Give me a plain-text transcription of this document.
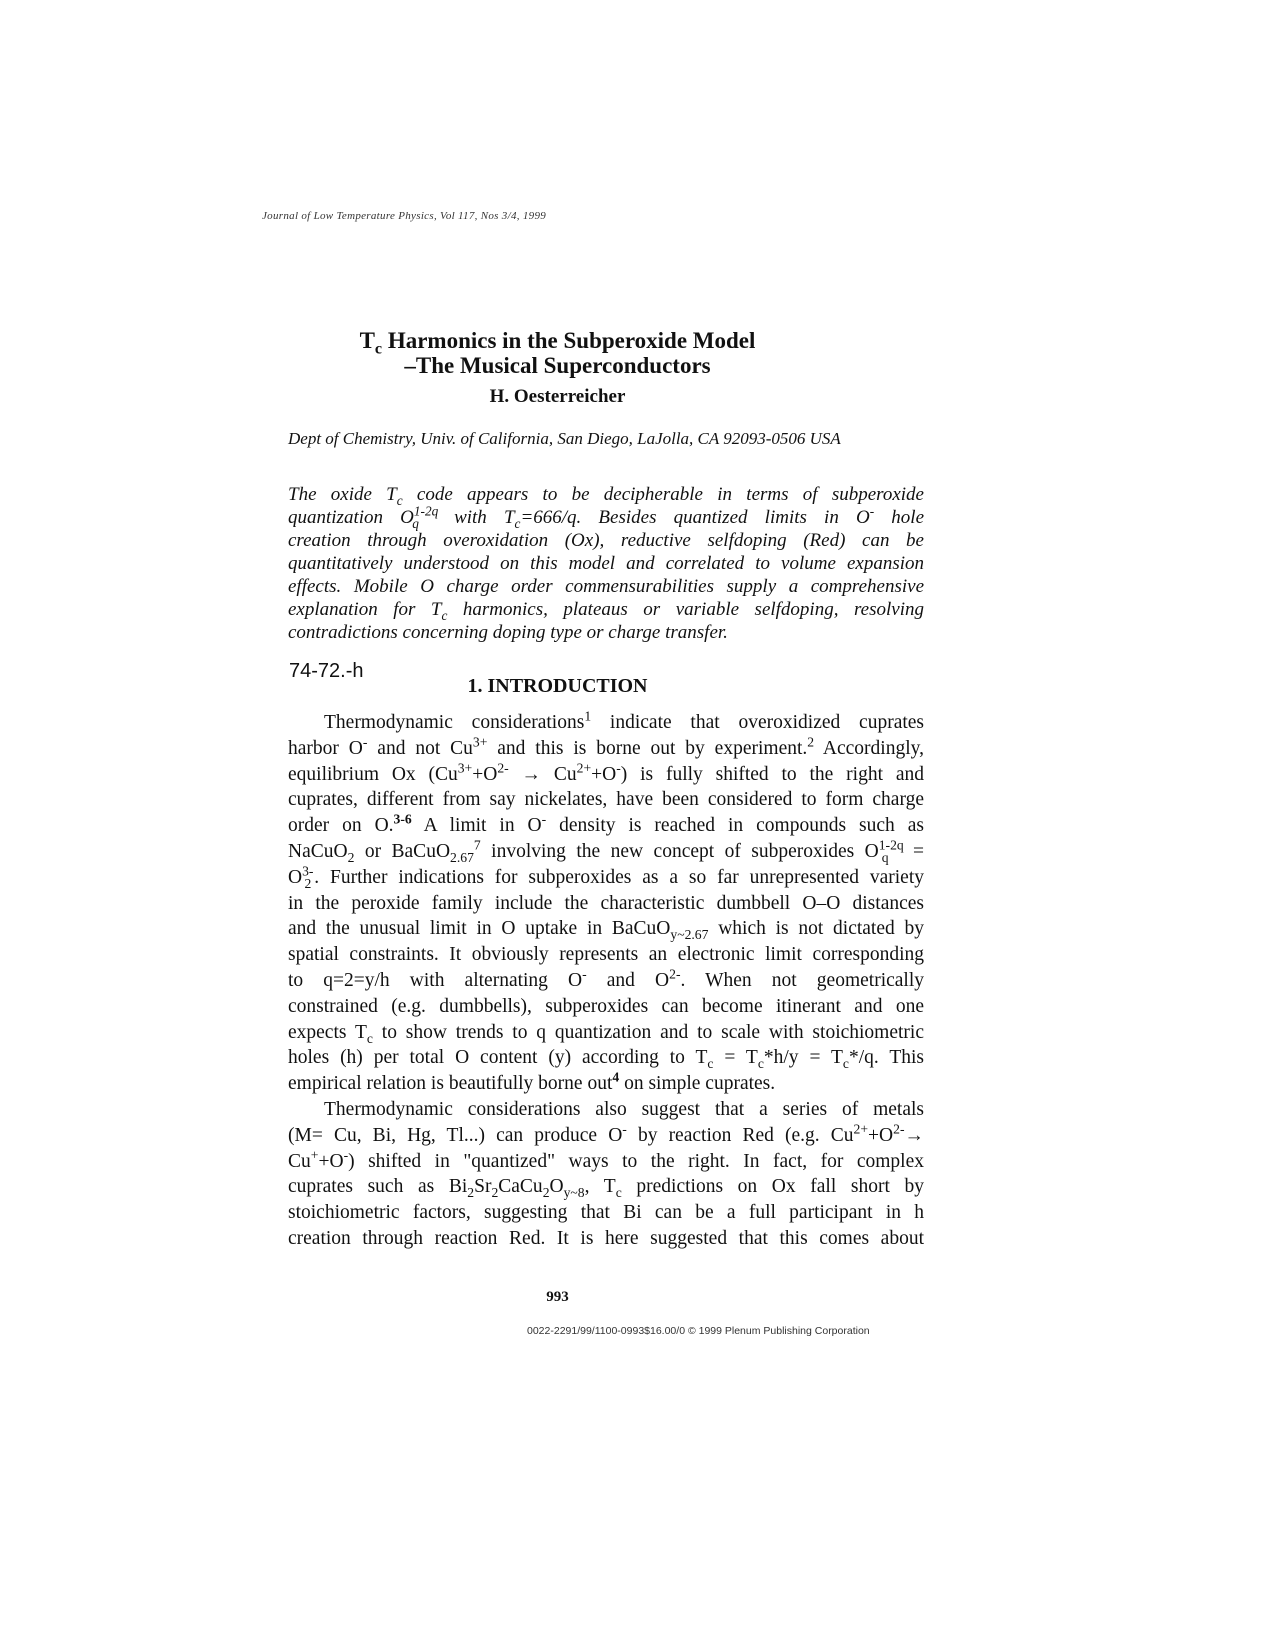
Journal of Low Temperature Physics, Vol 117, Nos 3/4, 1999
$T_c$ Harmonics in the Subperoxide Model
–The Musical Superconductors
H. Oesterreicher
Dept of Chemistry, Univ. of California, San Diego, LaJolla, CA 92093-0506 USA
The oxide $T_c$ code appears to be decipherable in terms of subperoxide
quantization $O^{1-2q}_q$ with $T_c=666/q$. Besides quantized limits in O- hole
creation through overoxidation (Ox), reductive selfdoping (Red) can be
quantitatively understood on this model and correlated to volume expansion
effects. Mobile O charge order commensurabilities supply a comprehensive
explanation for $T_c$ harmonics, plateaus or variable selfdoping, resolving
contradictions concerning doping type or charge transfer.
74-72.-h
1. INTRODUCTION
Thermodynamic considerations$^1$ indicate that overoxidized cuprates
harbor O- and not $Cu^{3+}$ and this is borne out by experiment.$^2$ Accordingly,
equilibrium Ox $(Cu^{3+}+O^{2-} \to Cu^{2+}+O^-)$ is fully shifted to the right and
cuprates, different from say nickelates, have been considered to form charge
order on O.$^{3-6}$ A limit in O- density is reached in compounds such as
NaCuO$_2$ or BaCuO$_{2.67}^7$ involving the new concept of subperoxides $O^{1-2q}_q$ =
$O^{3-}_2$ . Further indications for subperoxides as a so far unrepresented variety
in the peroxide family include the characteristic dumbbell O–O distances
and the unusual limit in O uptake in BaCuO$_{y\sim 2.67}$ which is not dictated by
spatial constraints. It obviously represents an electronic limit corresponding
to q=2=y/h with alternating O- and $O^{2-}$. When not geometrically
constrained (e.g. dumbbells), subperoxides can become itinerant and one
expects $T_c$ to show trends to q quantization and to scale with stoichiometric
holes (h) per total O content (y) according to $T_c = T_c*h/y = T_c*/q$. This
empirical relation is beautifully borne out$^4$ on simple cuprates.
Thermodynamic considerations also suggest that a series of metals
(M= Cu, Bi, Hg, Tl...) can produce O- by reaction Red (e.g. $Cu^{2+}+O^{2-}\to$
Cu++O-) shifted in "quantized" ways to the right. In fact, for complex
cuprates such as $Bi_2Sr_2CaCu_2O_{y\sim 8}$, $T_c$ predictions on Ox fall short by
stoichiometric factors, suggesting that Bi can be a full participant in h
creation through reaction Red. It is here suggested that this comes about
993
0022-2291/99/1100-0993$16.00/0 © 1999 Plenum Publishing Corporation
